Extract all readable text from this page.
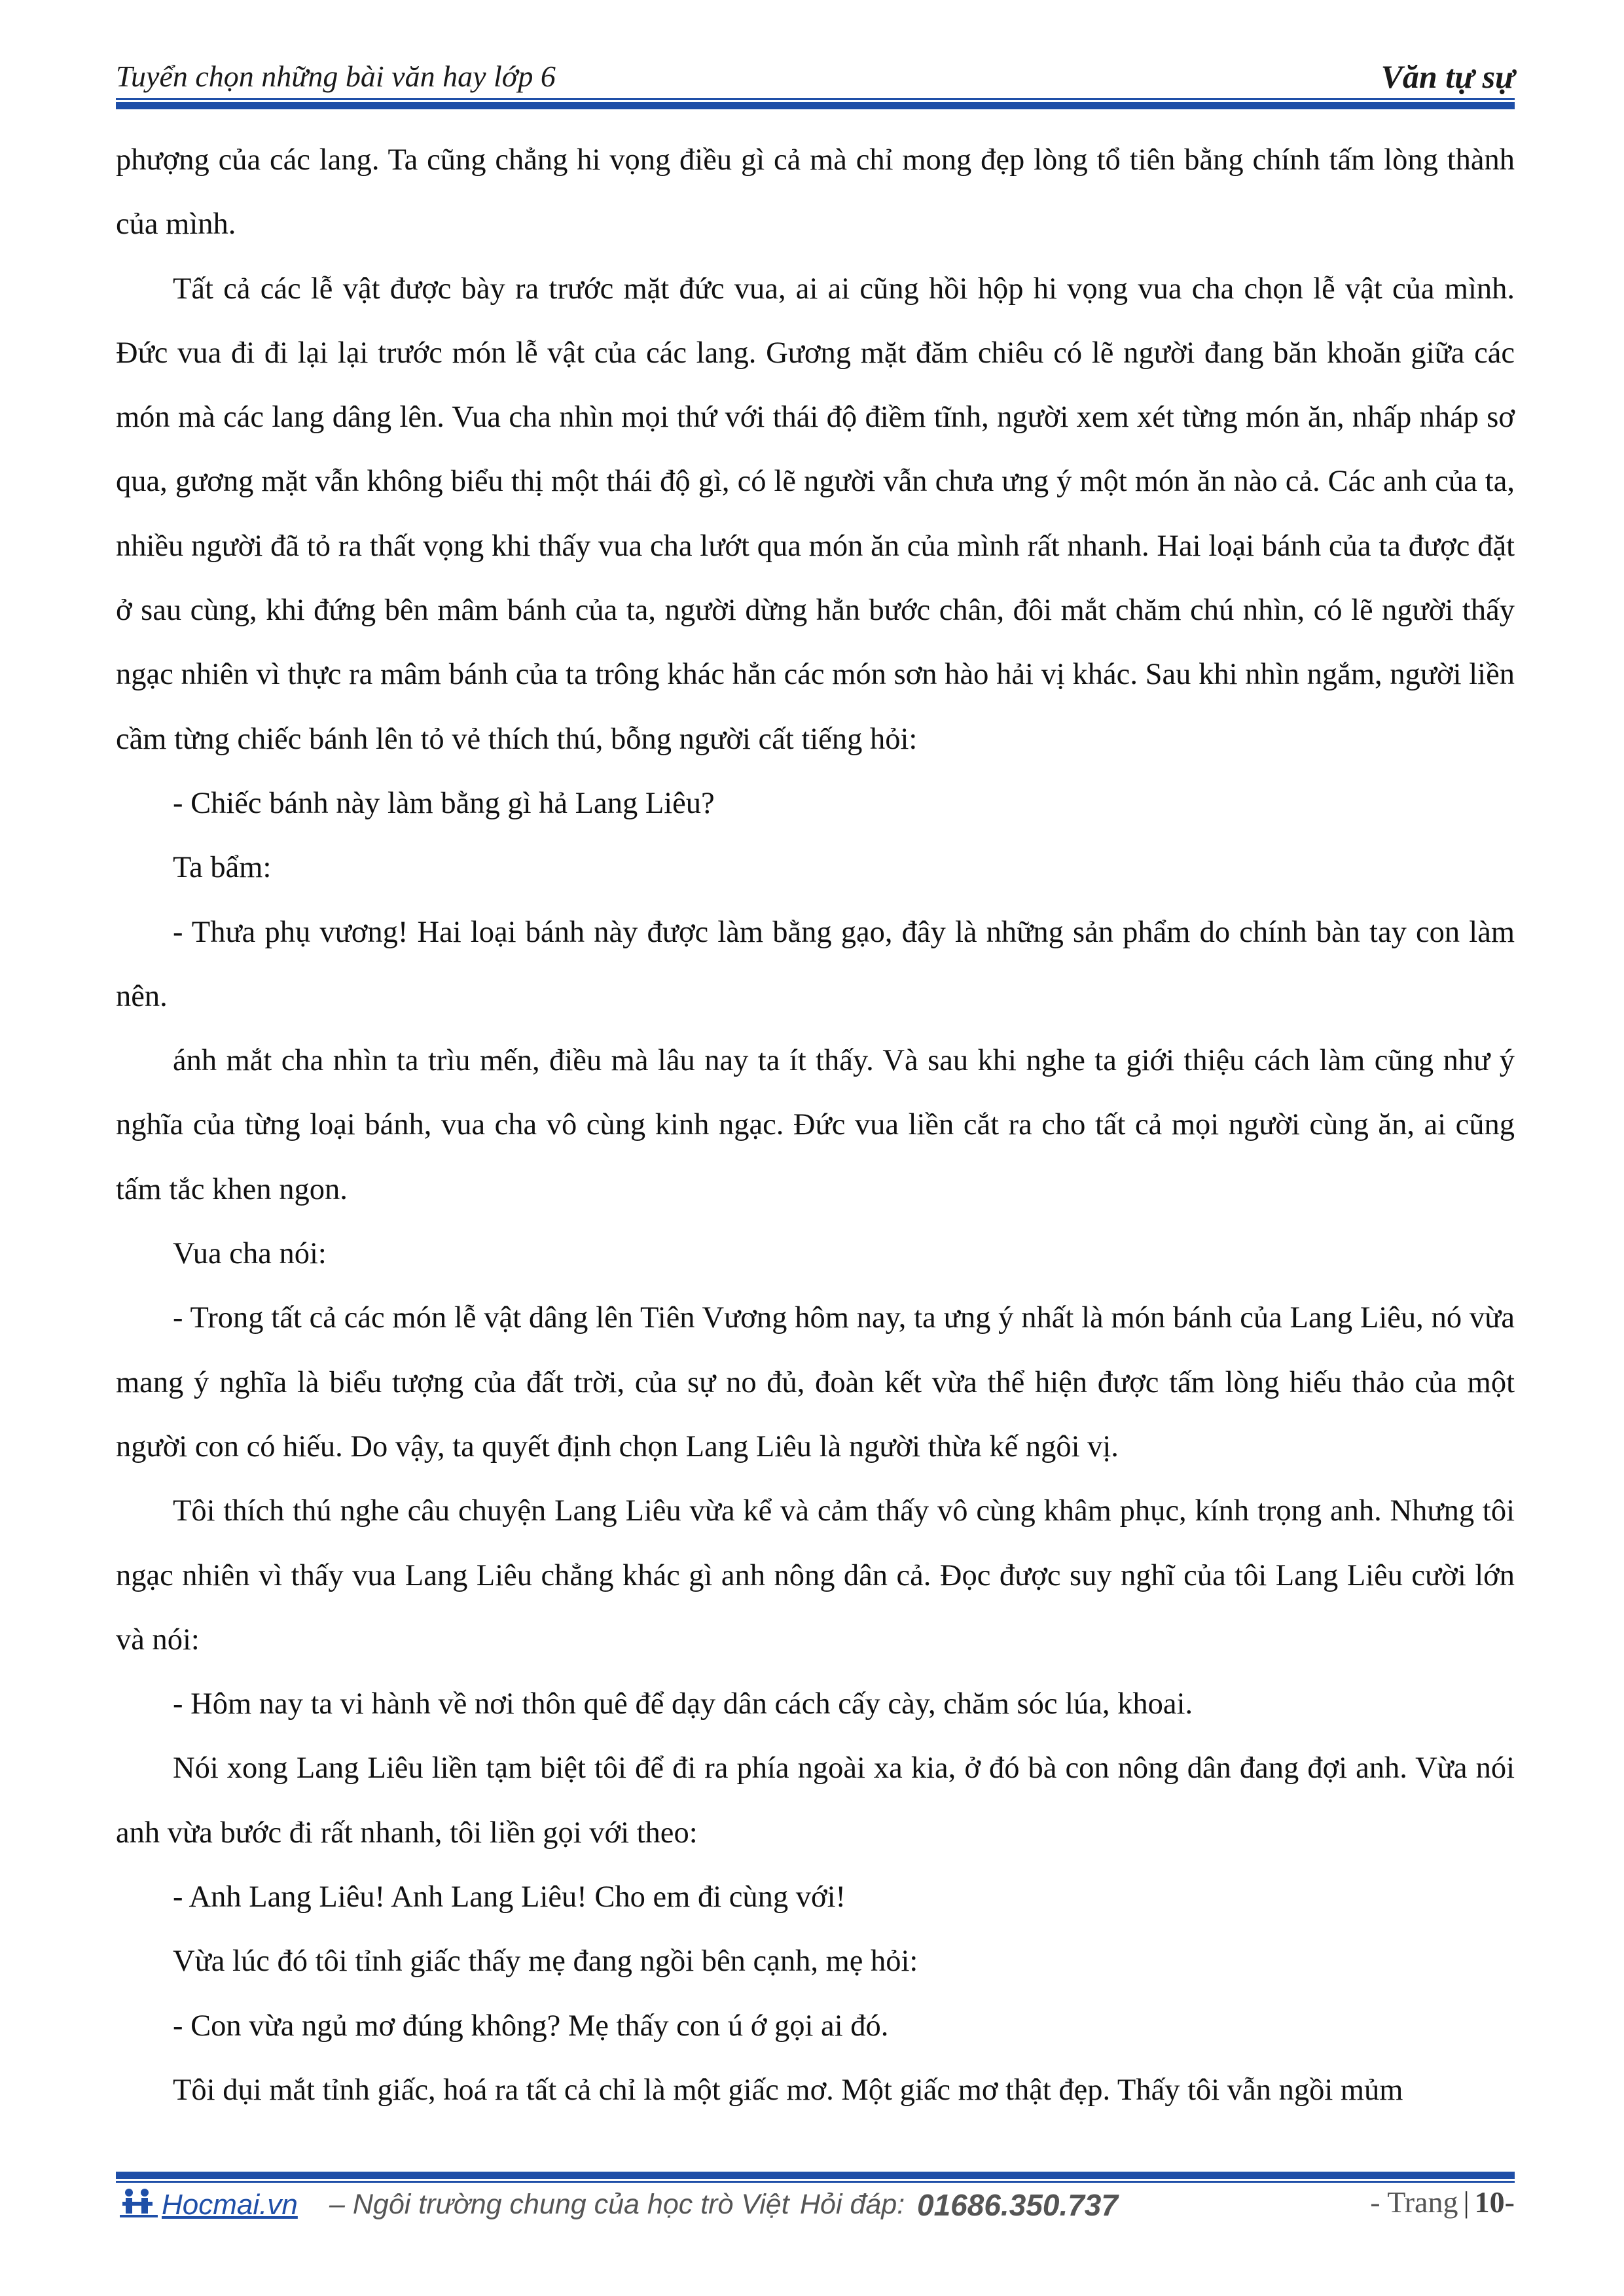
Tuyển chọn những bài văn hay lớp 6	Văn tự sự

phượng của các lang. Ta cũng chẳng hi vọng điều gì cả mà chỉ mong đẹp lòng tổ tiên bằng chính tấm lòng thành của mình.

Tất cả các lễ vật được bày ra trước mặt đức vua, ai ai cũng hồi hộp hi vọng vua cha chọn lễ vật của mình. Đức vua đi đi lại lại trước món lễ vật của các lang. Gương mặt đăm chiêu có lẽ người đang băn khoăn giữa các món mà các lang dâng lên. Vua cha nhìn mọi thứ với thái độ điềm tĩnh, người xem xét từng món ăn, nhấp nháp sơ qua, gương mặt vẫn không biểu thị một thái độ gì, có lẽ người vẫn chưa ưng ý một món ăn nào cả. Các anh của ta, nhiều người đã tỏ ra thất vọng khi thấy vua cha lướt qua món ăn của mình rất nhanh. Hai loại bánh của ta được đặt ở sau cùng, khi đứng bên mâm bánh của ta, người dừng hẳn bước chân, đôi mắt chăm chú nhìn, có lẽ người thấy ngạc nhiên vì thực ra mâm bánh của ta trông khác hẳn các món sơn hào hải vị khác. Sau khi nhìn ngắm, người liền cầm từng chiếc bánh lên tỏ vẻ thích thú, bỗng người cất tiếng hỏi:

- Chiếc bánh này làm bằng gì hả Lang Liêu?

Ta bẩm:

- Thưa phụ vương! Hai loại bánh này được làm bằng gạo, đây là những sản phẩm do chính bàn tay con làm nên.

ánh mắt cha nhìn ta trìu mến, điều mà lâu nay ta ít thấy. Và sau khi nghe ta giới thiệu cách làm cũng như ý nghĩa của từng loại bánh, vua cha vô cùng kinh ngạc. Đức vua liền cắt ra cho tất cả mọi người cùng ăn, ai cũng tấm tắc khen ngon.

Vua cha nói:

- Trong tất cả các món lễ vật dâng lên Tiên Vương hôm nay, ta ưng ý nhất là món bánh của Lang Liêu, nó vừa mang ý nghĩa là biểu tượng của đất trời, của sự no đủ, đoàn kết vừa thể hiện được tấm lòng hiếu thảo của một người con có hiếu. Do vậy, ta quyết định chọn Lang Liêu là người thừa kế ngôi vị.

Tôi thích thú nghe câu chuyện Lang Liêu vừa kể và cảm thấy vô cùng khâm phục, kính trọng anh. Nhưng tôi ngạc nhiên vì thấy vua Lang Liêu chẳng khác gì anh nông dân cả. Đọc được suy nghĩ của tôi Lang Liêu cười lớn và nói:

- Hôm nay ta vi hành về nơi thôn quê để dạy dân cách cấy cày, chăm sóc lúa, khoai.

Nói xong Lang Liêu liền tạm biệt tôi để đi ra phía ngoài xa kia, ở đó bà con nông dân đang đợi anh. Vừa nói anh vừa bước đi rất nhanh, tôi liền gọi với theo:

- Anh Lang Liêu! Anh Lang Liêu! Cho em đi cùng với!

Vừa lúc đó tôi tỉnh giấc thấy mẹ đang ngồi bên cạnh, mẹ hỏi:

- Con vừa ngủ mơ đúng không? Mẹ thấy con ú ớ gọi ai đó.

Tôi dụi mắt tỉnh giấc, hoá ra tất cả chỉ là một giấc mơ. Một giấc mơ thật đẹp. Thấy tôi vẫn ngồi mủm

Hocmai.vn – Ngôi trường chung của học trò Việt Hỏi đáp: 01686.350.737	- Trang | 10-
